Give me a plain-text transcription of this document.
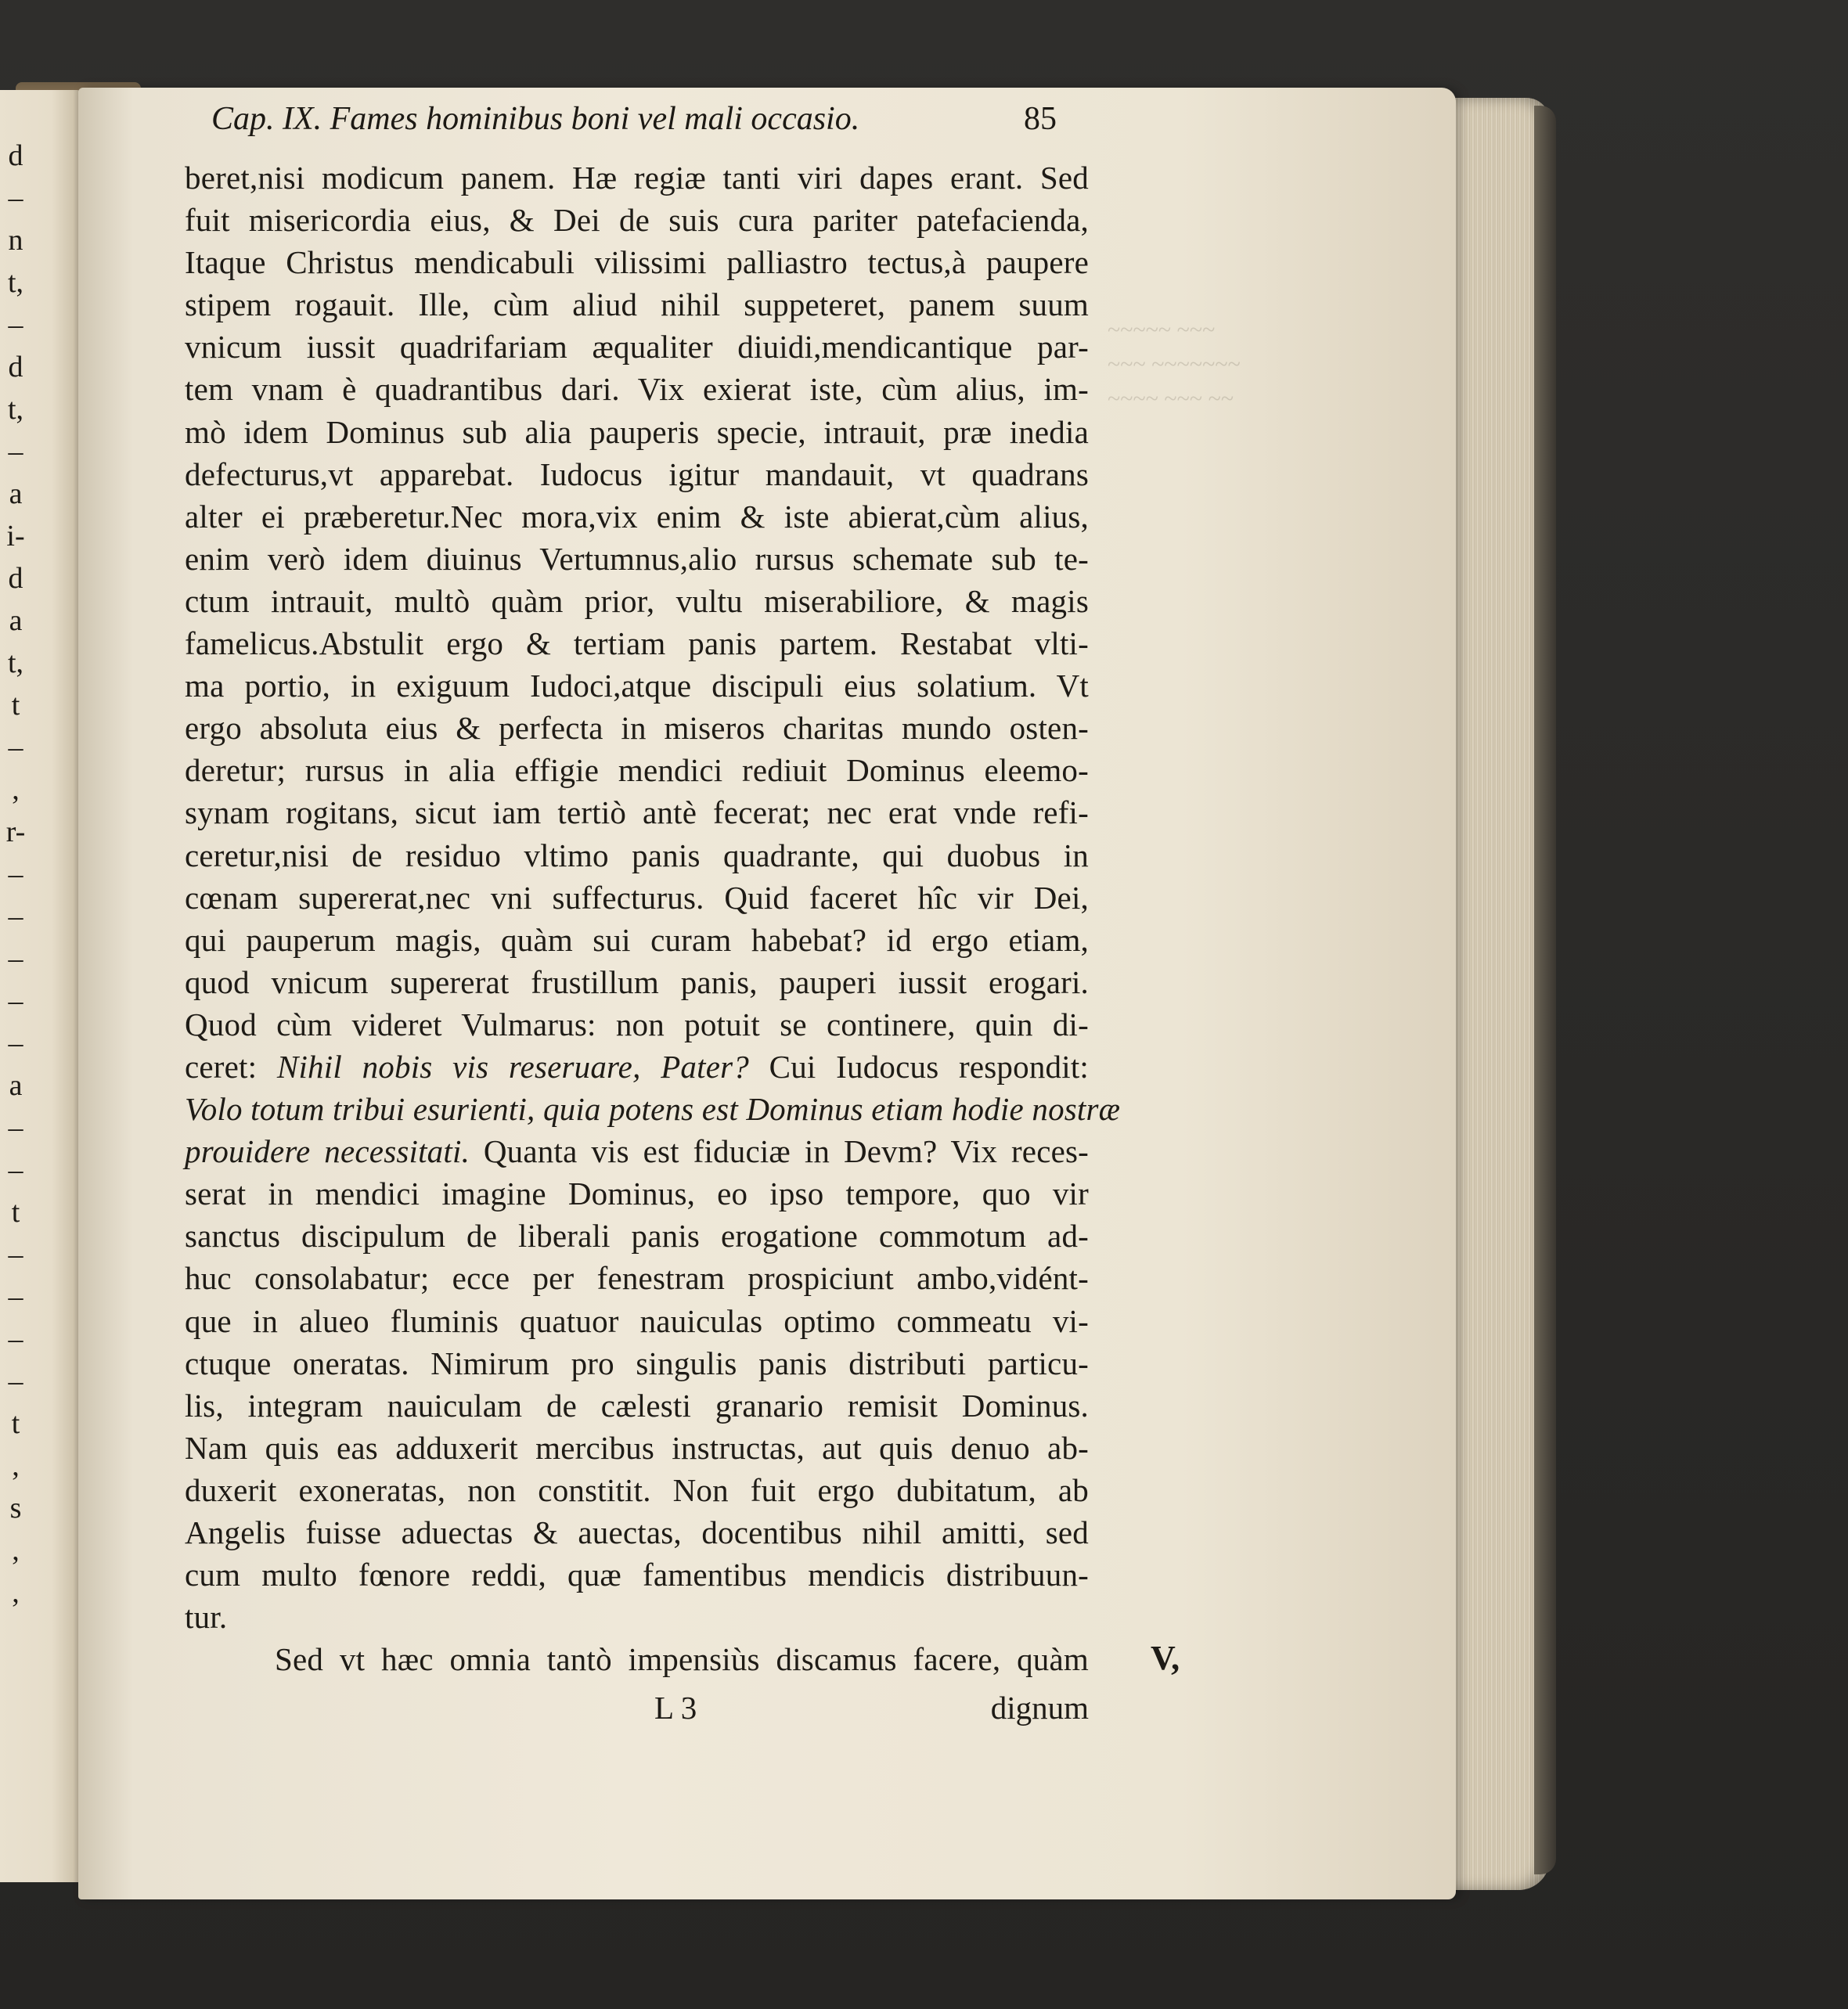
d
–
n
t,
–
d
t,
–
a
i-
d
a
t,
t
–
,
r-
–
–
–
–
–
a
–
–
t
–
–
–
–
t
,
s
,
,
~~~~~ ~~~
~~~ ~~~~~~~
~~~~ ~~~ ~~
Cap. IX. Fames hominibus boni vel mali occasio.	85
beret,nisi modicum panem. Hæ regiæ tanti viri dapes erant. Sed
fuit misericordia eius, & Dei de suis cura pariter patefacienda,
Itaque Christus mendicabuli vilissimi palliastro tectus,à paupere
stipem rogauit. Ille, cùm aliud nihil suppeteret, panem suum
vnicum iussit quadrifariam æqualiter diuidi,mendicantique par-
tem vnam è quadrantibus dari. Vix exierat iste, cùm alius, im-
mò idem Dominus sub alia pauperis specie, intrauit, præ inedia
defecturus,vt apparebat. Iudocus igitur mandauit, vt quadrans
alter ei præberetur.Nec mora,vix enim & iste abierat,cùm alius,
enim verò idem diuinus Vertumnus,alio rursus schemate sub te-
ctum intrauit, multò quàm prior, vultu miserabiliore, & magis
famelicus.Abstulit ergo & tertiam panis partem. Restabat vlti-
ma portio, in exiguum Iudoci,atque discipuli eius solatium. Vt
ergo absoluta eius & perfecta in miseros charitas mundo osten-
deretur; rursus in alia effigie mendici rediuit Dominus eleemo-
synam rogitans, sicut iam tertiò antè fecerat; nec erat vnde refi-
ceretur,nisi de residuo vltimo panis quadrante, qui duobus in
cœnam supererat,nec vni suffecturus. Quid faceret hîc vir Dei,
qui pauperum magis, quàm sui curam habebat? id ergo etiam,
quod vnicum supererat frustillum panis, pauperi iussit erogari.
Quod cùm videret Vulmarus: non potuit se continere, quin di-
ceret: Nihil nobis vis reseruare, Pater? Cui Iudocus respondit:
Volo totum tribui esurienti, quia potens est Dominus etiam hodie nostræ
prouidere necessitati. Quanta vis est fiduciæ in Devm? Vix reces-
serat in mendici imagine Dominus, eo ipso tempore, quo vir
sanctus discipulum de liberali panis erogatione commotum ad-
huc consolabatur; ecce per fenestram prospiciunt ambo,vidént-
que in alueo fluminis quatuor nauiculas optimo commeatu vi-
ctuque oneratas. Nimirum pro singulis panis distributi particu-
lis, integram nauiculam de cælesti granario remisit Dominus.
Nam quis eas adduxerit mercibus instructas, aut quis denuo ab-
duxerit exoneratas, non constitit. Non fuit ergo dubitatum, ab
Angelis fuisse aduectas & auectas, docentibus nihil amitti, sed
cum multo fœnore reddi, quæ famentibus mendicis distribuun-
tur.
Sed vt hæc omnia tantò impensiùs discamus facere, quàm
L 3	dignum
V,
